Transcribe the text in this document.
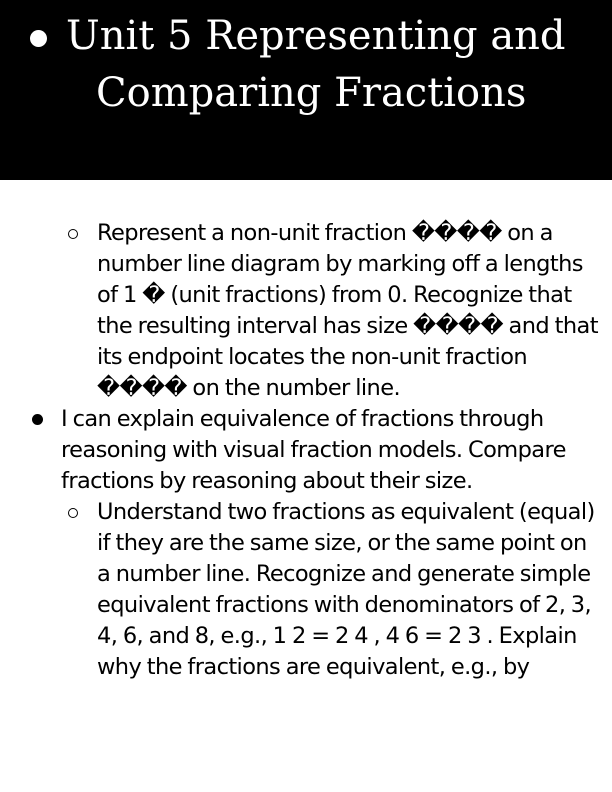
Unit 5 Representing and
Comparing Fractions
Represent a non-unit fraction ���� on a number line diagram by marking off a lengths of 1 � (unit fractions) from 0. Recognize that the resulting interval has size ���� and that its endpoint locates the non-unit fraction ���� on the number line.
I can explain equivalence of fractions through reasoning with visual fraction models. Compare fractions by reasoning about their size.
Understand two fractions as equivalent (equal) if they are the same size, or the same point on a number line. Recognize and generate simple equivalent fractions with denominators of 2, 3, 4, 6, and 8, e.g., 1 2 = 2 4 , 4 6 = 2 3 . Explain why the fractions are equivalent, e.g., by
